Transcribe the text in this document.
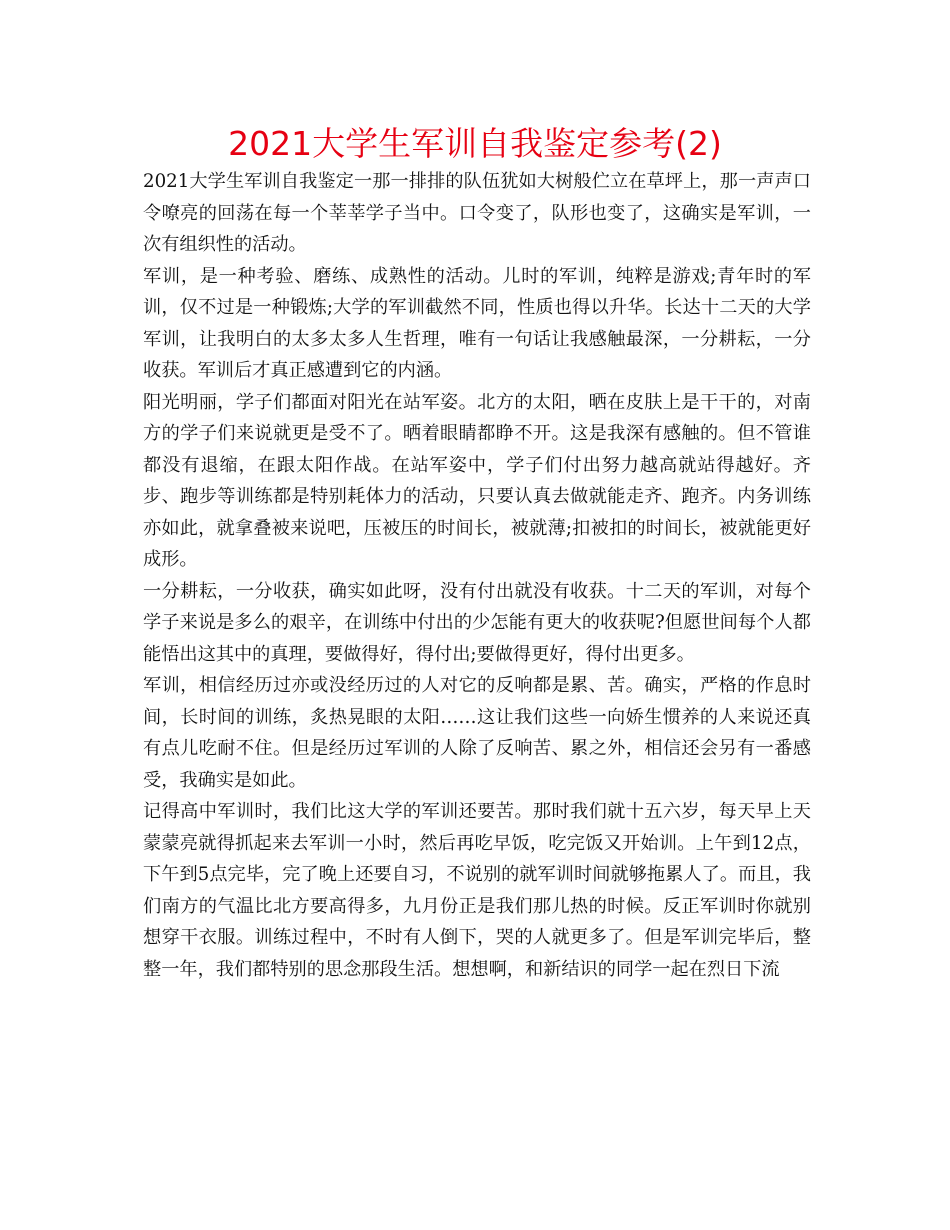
2021大学生军训自我鉴定参考(2)

2021大学生军训自我鉴定一那一排排的队伍犹如大树般伫立在草坪上，那一声声口令嘹亮的回荡在每一个莘莘学子当中。口令变了，队形也变了，这确实是军训，一次有组织性的活动。

军训，是一种考验、磨练、成熟性的活动。儿时的军训，纯粹是游戏;青年时的军训，仅不过是一种锻炼;大学的军训截然不同，性质也得以升华。长达十二天的大学军训，让我明白的太多太多人生哲理，唯有一句话让我感触最深，一分耕耘，一分收获。军训后才真正感遭到它的内涵。

阳光明丽，学子们都面对阳光在站军姿。北方的太阳，晒在皮肤上是干干的，对南方的学子们来说就更是受不了。晒着眼睛都睁不开。这是我深有感触的。但不管谁都没有退缩，在跟太阳作战。在站军姿中，学子们付出努力越高就站得越好。齐步、跑步等训练都是特别耗体力的活动，只要认真去做就能走齐、跑齐。内务训练亦如此，就拿叠被来说吧，压被压的时间长，被就薄;扣被扣的时间长，被就能更好成形。

一分耕耘，一分收获，确实如此呀，没有付出就没有收获。十二天的军训，对每个学子来说是多么的艰辛，在训练中付出的少怎能有更大的收获呢?但愿世间每个人都能悟出这其中的真理，要做得好，得付出;要做得更好，得付出更多。

军训，相信经历过亦或没经历过的人对它的反响都是累、苦。确实，严格的作息时间，长时间的训练，炙热晃眼的太阳……这让我们这些一向娇生惯养的人来说还真有点儿吃耐不住。但是经历过军训的人除了反响苦、累之外，相信还会另有一番感受，我确实是如此。

记得高中军训时，我们比这大学的军训还要苦。那时我们就十五六岁，每天早上天蒙蒙亮就得抓起来去军训一小时，然后再吃早饭，吃完饭又开始训。上午到12点，下午到5点完毕，完了晚上还要自习，不说别的就军训时间就够拖累人了。而且，我们南方的气温比北方要高得多，九月份正是我们那儿热的时候。反正军训时你就别想穿干衣服。训练过程中，不时有人倒下，哭的人就更多了。但是军训完毕后，整整一年，我们都特别的思念那段生活。想想啊，和新结识的同学一起在烈日下流
